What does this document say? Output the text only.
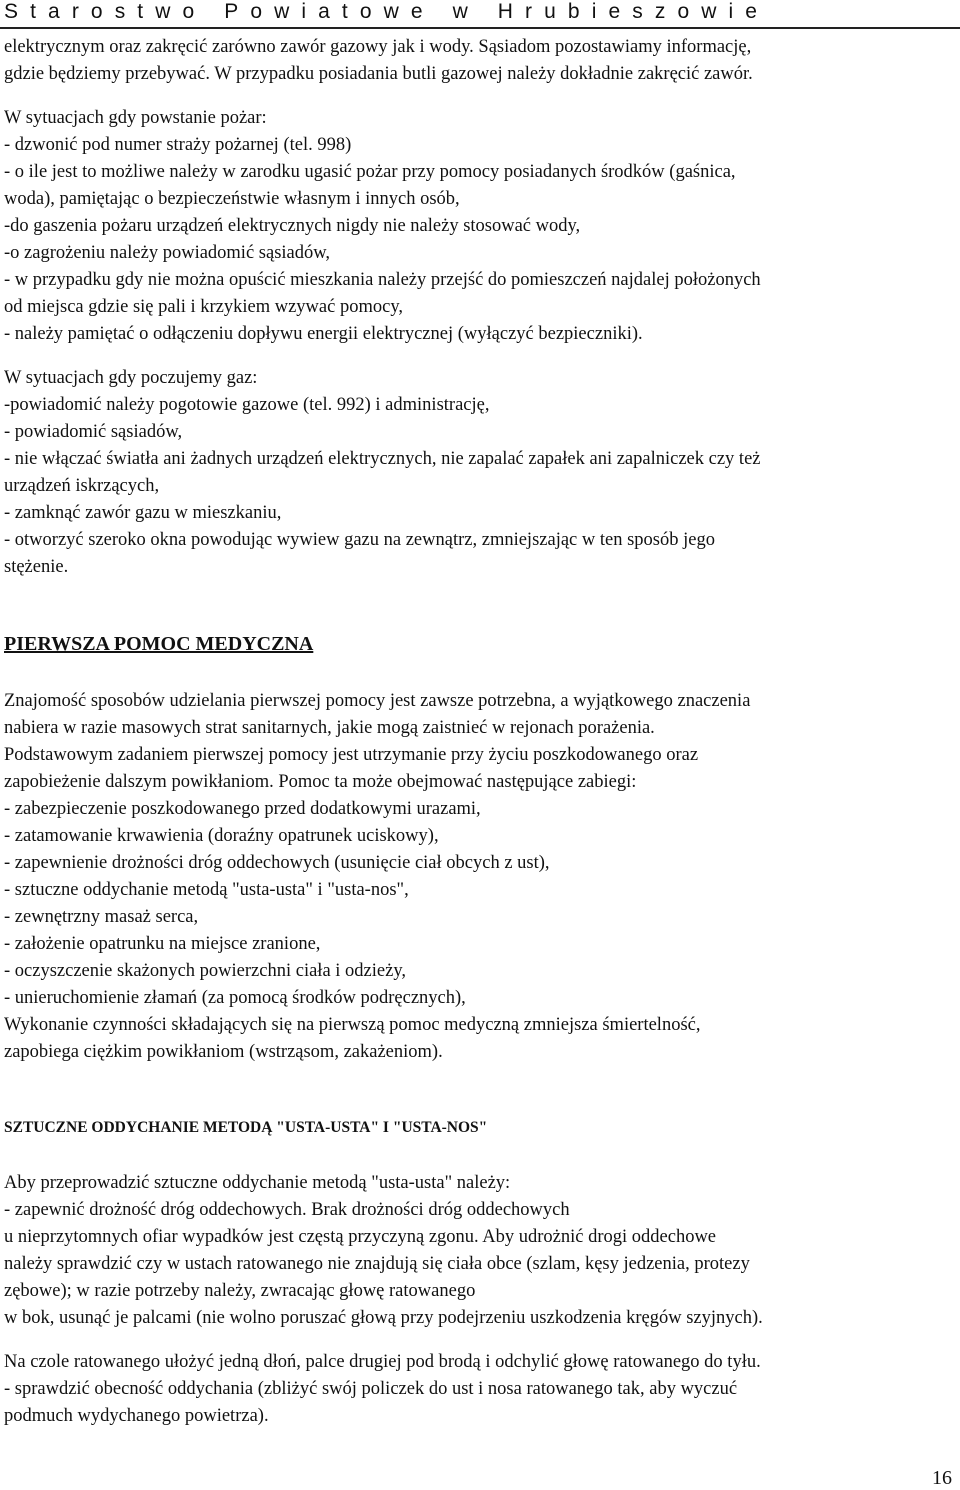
Starostwo Powiatowe w Hrubieszowie
elektrycznym oraz zakręcić zarówno zawór gazowy jak i wody. Sąsiadom pozostawiamy informację,
gdzie będziemy przebywać. W przypadku posiadania butli gazowej należy dokładnie zakręcić zawór.
W sytuacjach gdy powstanie pożar:
- dzwonić pod numer straży pożarnej (tel. 998)
- o ile jest to możliwe należy w zarodku ugasić pożar przy pomocy posiadanych środków (gaśnica,
woda), pamiętając o bezpieczeństwie własnym i innych osób,
-do gaszenia pożaru urządzeń elektrycznych nigdy nie należy stosować wody,
-o zagrożeniu należy powiadomić sąsiadów,
- w przypadku gdy nie można opuścić mieszkania należy przejść do pomieszczeń najdalej położonych
od miejsca gdzie się pali i krzykiem wzywać pomocy,
- należy pamiętać o odłączeniu dopływu energii elektrycznej (wyłączyć bezpieczniki).
W sytuacjach gdy poczujemy gaz:
-powiadomić należy pogotowie gazowe (tel. 992) i administrację,
- powiadomić sąsiadów,
- nie włączać światła ani żadnych urządzeń elektrycznych, nie zapalać zapałek ani zapalniczek czy też
urządzeń iskrzących,
- zamknąć zawór gazu w mieszkaniu,
- otworzyć szeroko okna powodując wywiew gazu na zewnątrz, zmniejszając w ten sposób jego
stężenie.
PIERWSZA POMOC MEDYCZNA
Znajomość sposobów udzielania pierwszej pomocy jest zawsze potrzebna, a wyjątkowego znaczenia
nabiera w razie masowych strat sanitarnych, jakie mogą zaistnieć w rejonach porażenia.
Podstawowym zadaniem pierwszej pomocy jest utrzymanie przy życiu poszkodowanego oraz
zapobieżenie dalszym powikłaniom. Pomoc ta może obejmować następujące zabiegi:
- zabezpieczenie poszkodowanego przed dodatkowymi urazami,
- zatamowanie krwawienia (doraźny opatrunek uciskowy),
- zapewnienie drożności dróg oddechowych (usunięcie ciał obcych z ust),
- sztuczne oddychanie metodą "usta-usta" i "usta-nos",
- zewnętrzny masaż serca,
- założenie opatrunku na miejsce zranione,
- oczyszczenie skażonych powierzchni ciała i odzieży,
- unieruchomienie złamań (za pomocą środków podręcznych),
Wykonanie czynności składających się na pierwszą pomoc medyczną zmniejsza śmiertelność,
zapobiega ciężkim powikłaniom (wstrząsom, zakażeniom).
SZTUCZNE ODDYCHANIE METODĄ "USTA-USTA" I "USTA-NOS"
Aby przeprowadzić sztuczne oddychanie metodą "usta-usta" należy:
- zapewnić drożność dróg oddechowych. Brak drożności dróg oddechowych
u nieprzytomnych ofiar wypadków jest częstą przyczyną zgonu. Aby udrożnić drogi oddechowe
należy sprawdzić czy w ustach ratowanego nie znajdują się ciała obce (szlam, kęsy jedzenia, protezy
zębowe); w razie potrzeby należy, zwracając głowę ratowanego
w bok, usunąć je palcami (nie wolno poruszać głową przy podejrzeniu uszkodzenia kręgów szyjnych).
Na czole ratowanego ułożyć jedną dłoń, palce drugiej pod brodą i odchylić głowę ratowanego do tyłu.
- sprawdzić obecność oddychania (zbliżyć swój policzek do ust i nosa ratowanego tak, aby wyczuć
podmuch wydychanego powietrza).
16
